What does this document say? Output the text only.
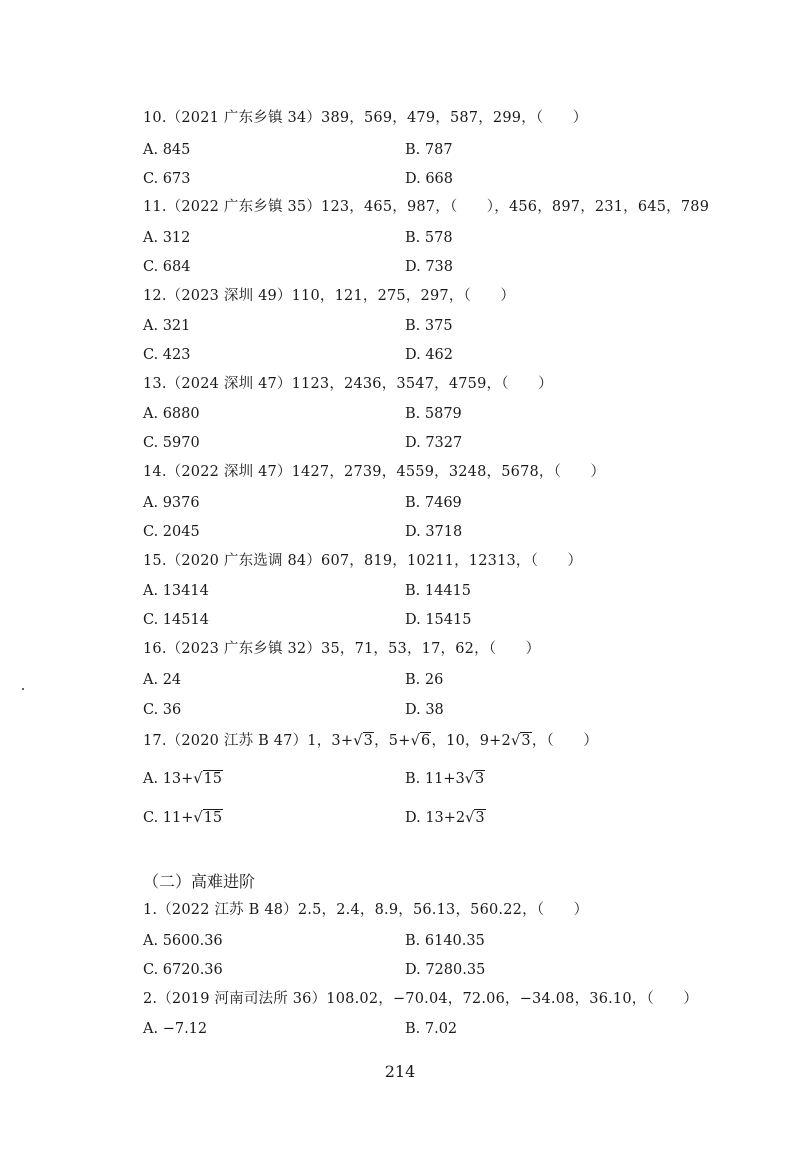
10.（2021 广东乡镇 34）389，569，479，587，299，（　　）
A. 845	B. 787
C. 673	D. 668
11.（2022 广东乡镇 35）123，465，987，（　　），456，897，231，645，789
A. 312	B. 578
C. 684	D. 738
12.（2023 深圳 49）110，121，275，297，（　　）
A. 321	B. 375
C. 423	D. 462
13.（2024 深圳 47）1123，2436，3547，4759，（　　）
A. 6880	B. 5879
C. 5970	D. 7327
14.（2022 深圳 47）1427，2739，4559，3248，5678，（　　）
A. 9376	B. 7469
C. 2045	D. 3718
15.（2020 广东选调 84）607，819，10211，12313，（　　）
A. 13414	B. 14415
C. 14514	D. 15415
16.（2023 广东乡镇 32）35，71，53，17，62，（　　）
A. 24	B. 26
C. 36	D. 38
17.（2020 江苏 B 47）1，3+√3，5+√6，10，9+2√3，（　　）
A. 13+√15	B. 11+3√3
C. 11+√15	D. 13+2√3
（二）高难进阶
1.（2022 江苏 B 48）2.5，2.4，8.9，56.13，560.22，（　　）
A. 5600.36	B. 6140.35
C. 6720.36	D. 7280.35
2.（2019 河南司法所 36）108.02，−70.04，72.06，−34.08，36.10，（　　）
A. −7.12	B. 7.02
214
